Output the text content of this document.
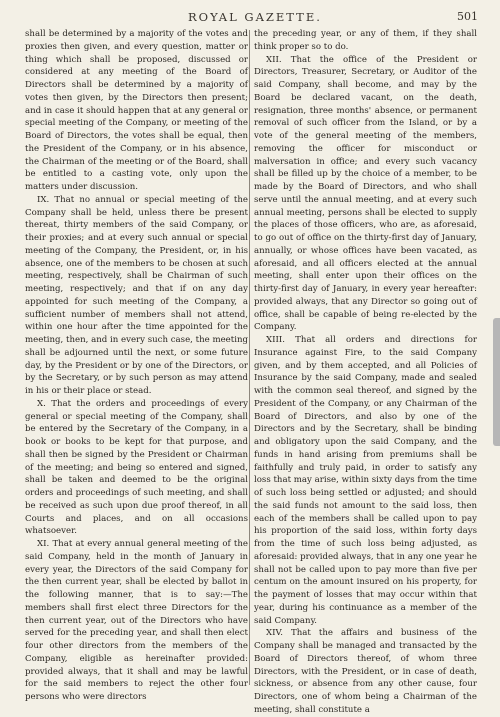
ROYAL GAZETTE.	501

shall be determined by a majority of the votes and proxies then given, and every question, matter or thing which shall be proposed, discussed or considered at any meeting of the Board of Directors shall be determined by a majority of votes then given, by the Directors then present; and in case it should happen that at any general or special meeting of the Company, or meeting of the Board of Directors, the votes shall be equal, then the President of the Company, or in his absence, the Chairman of the meeting or of the Board, shall be entitled to a casting vote, only upon the matters under discussion.

IX. That no annual or special meeting of the Company shall be held, unless there be present thereat, thirty members of the said Company, or their proxies; and at every such annual or special meeting of the Company, the President, or, in his absence, one of the members to be chosen at such meeting, respectively, shall be Chairman of such meeting, respectively; and that if on any day appointed for such meeting of the Company, a sufficient number of members shall not attend, within one hour after the time appointed for the meeting, then, and in every such case, the meeting shall be adjourned until the next, or some future day, by the President or by one of the Directors, or by the Secretary, or by such person as may attend in his or their place or stead.

X. That the orders and proceedings of every general or special meeting of the Company, shall be entered by the Secretary of the Company, in a book or books to be kept for that purpose, and shall then be signed by the President or Chairman of the meeting; and being so entered and signed, shall be taken and deemed to be the original orders and proceedings of such meeting, and shall be received as such upon due proof thereof, in all Courts and places, and on all occasions whatsoever.

XI. That at every annual general meeting of the said Company, held in the month of January in every year, the Directors of the said Company for the then current year, shall be elected by ballot in the following manner, that is to say:—The members shall first elect three Directors for the then current year, out of the Directors who have served for the preceding year, and shall then elect four other directors from the members of the Company, eligible as hereinafter provided: provided always, that it shall and may be lawful for the said members to reject the other four persons who were directors

the preceding year, or any of them, if they shall think proper so to do.

XII. That the office of the President or Directors, Treasurer, Secretary, or Auditor of the said Company, shall become, and may by the Board be declared vacant, on the death, resignation, three months' absence, or permanent removal of such officer from the Island, or by a vote of the general meeting of the members, removing the officer for misconduct or malversation in office; and every such vacancy shall be filled up by the choice of a member, to be made by the Board of Directors, and who shall serve until the annual meeting, and at every such annual meeting, persons shall be elected to supply the places of those officers, who are, as aforesaid, to go out of office on the thirty-first day of January, annually, or whose offices have been vacated, as aforesaid, and all officers elected at the annual meeting, shall enter upon their offices on the thirty-first day of January, in every year hereafter: provided always, that any Director so going out of office, shall be capable of being re-elected by the Company.

XIII. That all orders and directions for Insurance against Fire, to the said Company given, and by them accepted, and all Policies of Insurance by the said Company, made and sealed with the common seal thereof, and signed by the President of the Company, or any Chairman of the Board of Directors, and also by one of the Directors and by the Secretary, shall be binding and obligatory upon the said Company, and the funds in hand arising from premiums shall be faithfully and truly paid, in order to satisfy any loss that may arise, within sixty days from the time of such loss being settled or adjusted; and should the said funds not amount to the said loss, then each of the members shall be called upon to pay his proportion of the said loss, within forty days from the time of such loss being adjusted, as aforesaid: provided always, that in any one year he shall not be called upon to pay more than five per centum on the amount insured on his property, for the payment of losses that may occur within that year, during his continuance as a member of the said Company.

XIV. That the affairs and business of the Company shall be managed and transacted by the Board of Directors thereof, of whom three Directors, with the President, or in case of death, sickness, or absence from any other cause, four Directors, one of whom being a Chairman of the meeting, shall constitute a
